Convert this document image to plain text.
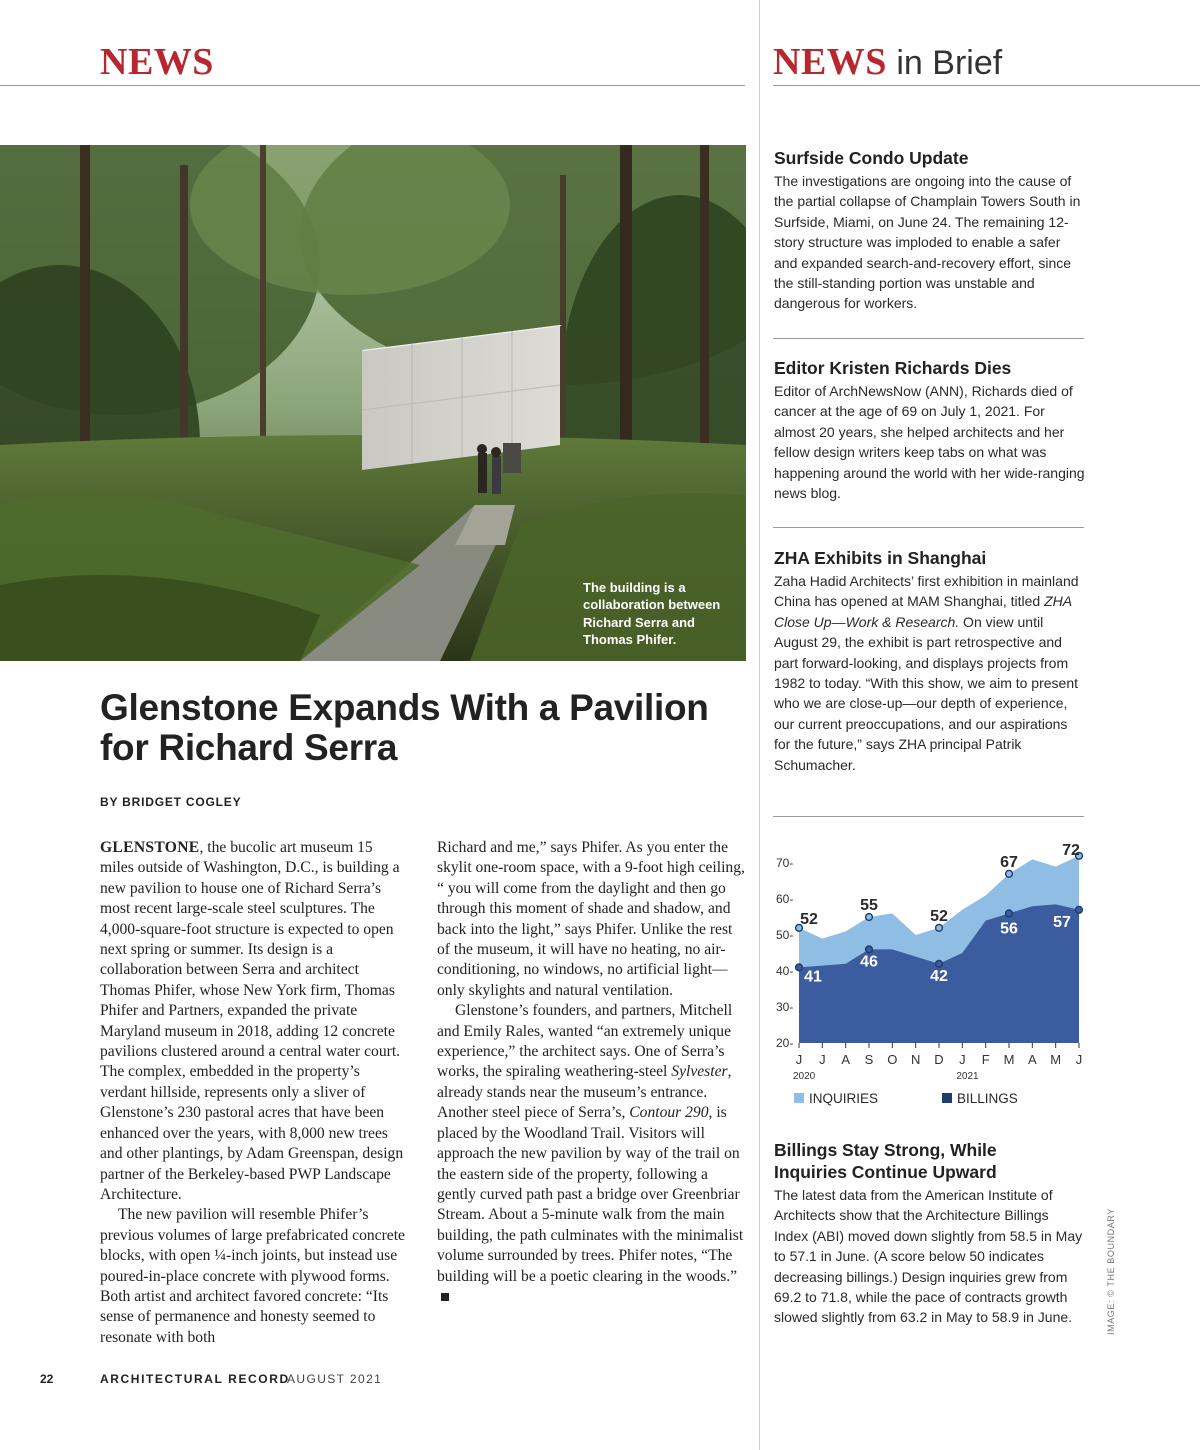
NEWS	NEWS in Brief
The building is a collaboration between Richard Serra and Thomas Phifer.
Glenstone Expands With a Pavilion
for Richard Serra
BY BRIDGET COGLEY

GLENSTONE, the bucolic art museum 15 miles outside of Washington, D.C., is building a new pavilion to house one of Richard Serra’s most recent large-scale steel sculptures. The 4,000-square-foot structure is expected to open next spring or summer. Its design is a collaboration between Serra and architect Thomas Phifer, whose New York firm, Thomas Phifer and Partners, expanded the private Maryland museum in 2018, adding 12 concrete pavilions clustered around a central water court. The complex, embedded in the property’s verdant hillside, represents only a sliver of Glenstone’s 230 pastoral acres that have been enhanced over the years, with 8,000 new trees and other plantings, by Adam Greenspan, design partner of the Berkeley-based PWP Landscape Architecture.

The new pavilion will resemble Phifer’s previous volumes of large prefabricated concrete blocks, with open ¼-inch joints, but instead use poured-in-place concrete with plywood forms. Both artist and architect favored concrete: “Its sense of permanence and honesty seemed to resonate with both

Richard and me,” says Phifer. As you enter the skylit one-room space, with a 9-foot high ceiling, “ you will come from the daylight and then go through this moment of shade and shadow, and back into the light,” says Phifer. Unlike the rest of the museum, it will have no heating, no air-conditioning, no windows, no artificial light—only skylights and natural ventilation.

Glenstone’s founders, and partners, Mitchell and Emily Rales, wanted “an extremely unique experience,” the architect says. One of Serra’s works, the spiraling weathering-steel Sylvester, already stands near the museum’s entrance. Another steel piece of Serra’s, Contour 290, is placed by the Woodland Trail. Visitors will approach the new pavilion by way of the trail on the eastern side of the property, following a gently curved path past a bridge over Greenbriar Stream. About a 5-minute walk from the main building, the path culminates with the minimalist volume surrounded by trees. Phifer notes, “The building will be a poetic clearing in the woods.”

Surfside Condo Update

The investigations are ongoing into the cause of the partial collapse of Champlain Towers South in Surfside, Miami, on June 24. The remaining 12-story structure was imploded to enable a safer and expanded search-and-recovery effort, since the still-standing portion was unstable and dangerous for workers.

Editor Kristen Richards Dies

Editor of ArchNewsNow (ANN), Richards died of cancer at the age of 69 on July 1, 2021. For almost 20 years, she helped architects and her fellow design writers keep tabs on what was happening around the world with her wide-ranging news blog.

ZHA Exhibits in Shanghai

Zaha Hadid Architects’ first exhibition in mainland China has opened at MAM Shanghai, titled ZHA Close Up—Work & Research. On view until August 29, the exhibit is part retrospective and part forward-looking, and displays projects from 1982 to today. “With this show, we aim to present who we are close-up—our depth of experience, our current preoccupations, and our aspirations for the future,” says ZHA principal Patrik Schumacher.

20-
30-
40-
50-
60-
70-
J J A S O N D J F M A M J
2020	2021
52
55
52
67
72
41
46
42
56 57
INQUIRIES	BILLINGS
Billings Stay Strong, While
Inquiries Continue Upward

The latest data from the American Institute of Architects show that the Architecture Billings Index (ABI) moved down slightly from 58.5 in May to 57.1 in June. (A score below 50 indicates decreasing billings.) Design inquiries grew from 69.2 to 71.8, while the pace of contracts growth slowed slightly from 63.2 in May to 58.9 in June.	IMAGE: © THE BOUNDARY
22	ARCHITECTURAL RECORD
AUGUST 2021
